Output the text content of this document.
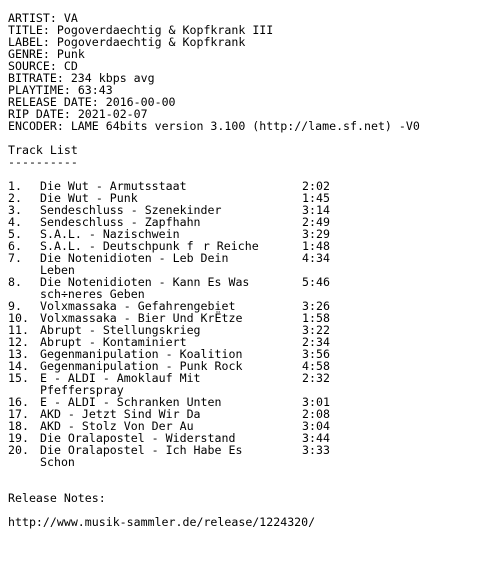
ARTIST: VA
TITLE: Pogoverdaechtig & Kopfkrank III
LABEL: Pogoverdaechtig & Kopfkrank
GENRE: Punk
SOURCE: CD
BITRATE: 234 kbps avg
PLAYTIME: 63:43
RELEASE DATE: 2016-00-00
RIP DATE: 2021-02-07
ENCODER: LAME 64bits version 3.100 (http://lame.sf.net) -V0
Track List
----------
1.	Die Wut - Armutsstaat	2:02
2.	Die Wut - Punk	1:45
3.	Sendeschluss - Szenekinder	3:14
4.	Sendeschluss - Zapfhahn	2:49
5.	S.A.L. - Nazischwein	3:29
6.	S.A.L. - Deutschpunk fr Reiche	1:48
7.	Die Notenidioten - Leb Dein	4:34
Leben
8.	Die Notenidioten - Kann Es Was	5:46
sch÷neres Geben
9.	Volxmassaka - Gefahrengebiet	3:26
10. Volxmassaka - Bier Und KrËtze	1:58
11. Abrupt - Stellungskrieg	3:22
12. Abrupt - Kontaminiert	2:34
13. Gegenmanipulation - Koalition	3:56
14. Gegenmanipulation - Punk Rock	4:58
15. E - ALDI - Amoklauf Mit	2:32
Pfefferspray
16. E - ALDI - Schranken Unten	3:01
17. AKD - Jetzt Sind Wir Da	2:08
18. AKD - Stolz Von Der Au	3:04
19. Die Oralapostel - Widerstand	3:44
20. Die Oralapostel - Ich Habe Es	3:33
Schon
Release Notes:
http://www.musik-sammler.de/release/1224320/
